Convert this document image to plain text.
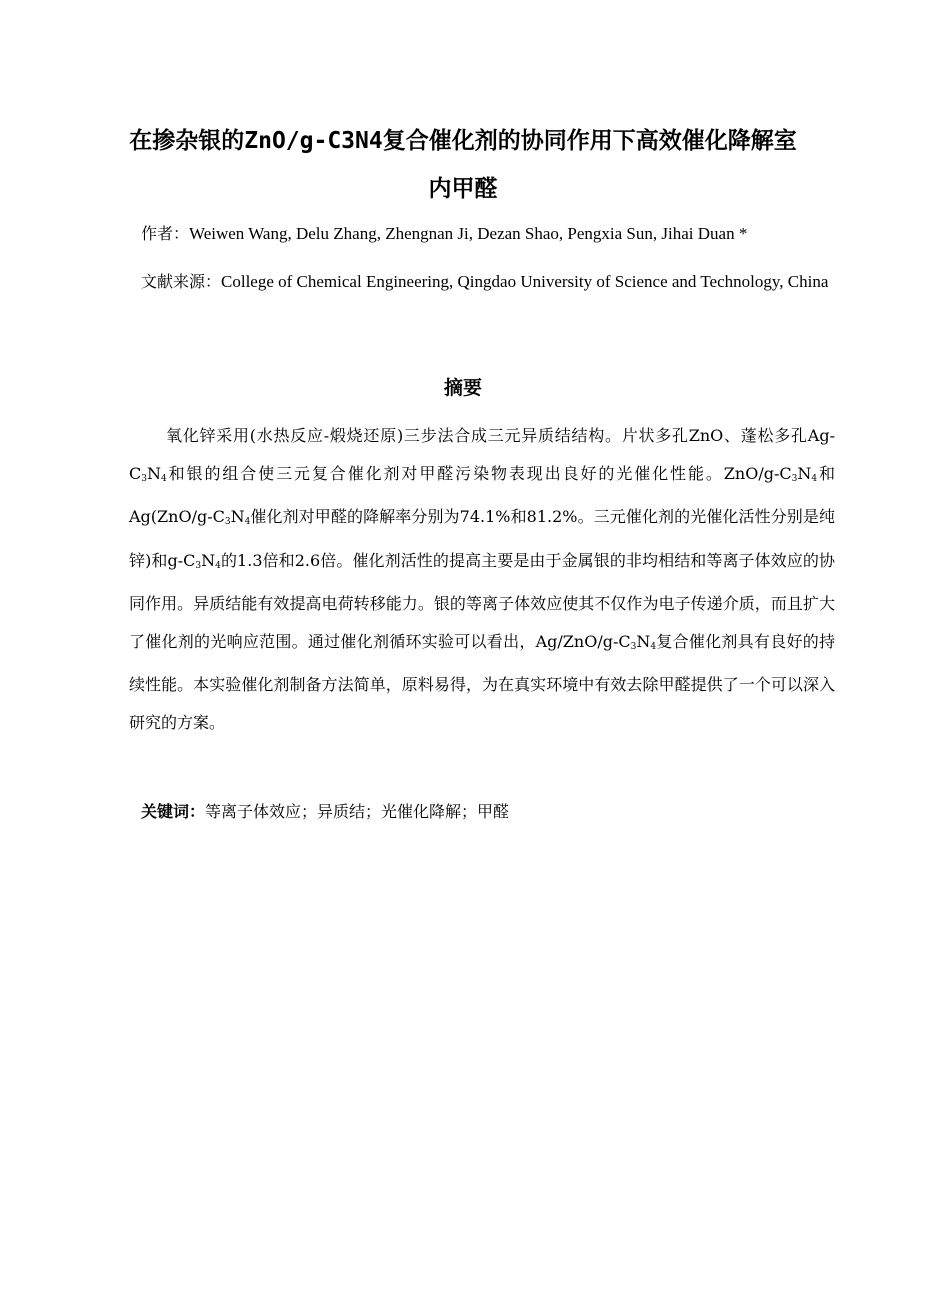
在掺杂银的ZnO/g-C3N4复合催化剂的协同作用下高效催化降解室
内甲醛
作者：Weiwen Wang, Delu Zhang, Zhengnan Ji, Dezan Shao, Pengxia Sun, Jihai Duan *
文献来源：College of Chemical Engineering, Qingdao University of Science and Technology, China
摘要

氧化锌采用(水热反应-煅烧还原)三步法合成三元异质结结构。片状多孔ZnO、蓬松多孔$Ag-C_3N_4$和银的组合使三元复合催化剂对甲醛污染物表现出良好的光催化性能。ZnO/$g-C_3N_4$和$Ag(ZnO/g-C_3N_4$催化剂对甲醛的降解率分别为74.1%和81.2%。三元催化剂的光催化活性分别是纯锌)和$g-C_3N_4$的1.3倍和2.6倍。催化剂活性的提高主要是由于金属银的非均相结和等离子体效应的协同作用。异质结能有效提高电荷转移能力。银的等离子体效应使其不仅作为电子传递介质，而且扩大了催化剂的光响应范围。通过催化剂循环实验可以看出，$Ag/ZnO/g-C_3N_4$复合催化剂具有良好的持续性能。本实验催化剂制备方法简单，原料易得，为在真实环境中有效去除甲醛提供了一个可以深入研究的方案。

关键词：等离子体效应；异质结；光催化降解；甲醛
